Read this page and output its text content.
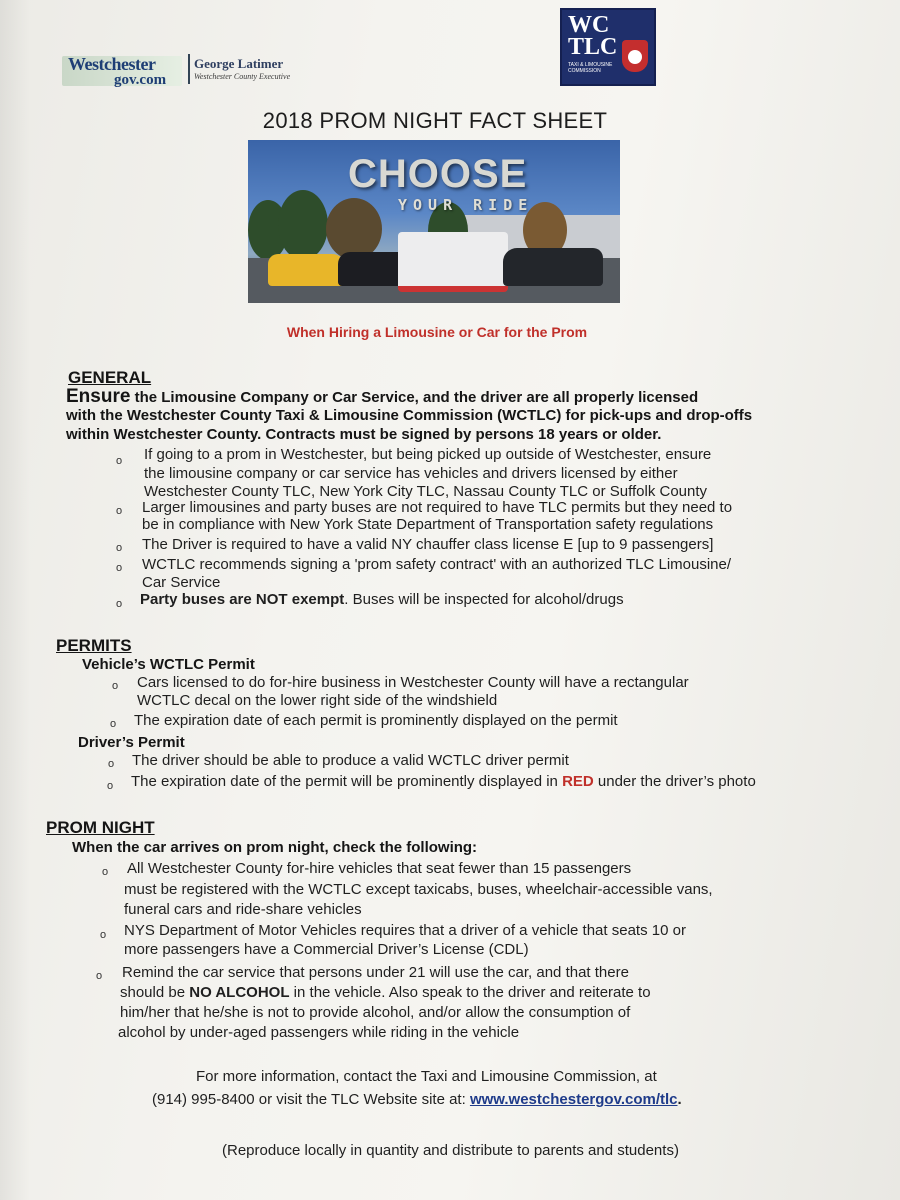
Westchester
gov.com
George Latimer
Westchester County Executive
WC
TLC
TAXI & LIMOUSINE COMMISSION
2018 PROM NIGHT FACT SHEET
CHOOSE
YOUR RIDE
When Hiring a Limousine or Car for the Prom
GENERAL
Ensure the Limousine Company or Car Service, and the driver are all properly licensed
with the Westchester County Taxi & Limousine Commission (WCTLC) for pick-ups and drop-offs
within Westchester County. Contracts must be signed by persons 18 years or older.
o If going to a prom in Westchester, but being picked up outside of Westchester, ensure
the limousine company or car service has vehicles and drivers licensed by either
Westchester County TLC, New York City TLC, Nassau County TLC or Suffolk County
o Larger limousines and party buses are not required to have TLC permits but they need to
be in compliance with New York State Department of Transportation safety regulations
o The Driver is required to have a valid NY chauffer class license E [up to 9 passengers]
o WCTLC recommends signing a 'prom safety contract' with an authorized TLC Limousine/
Car Service
o Party buses are NOT exempt. Buses will be inspected for alcohol/drugs
PERMITS
Vehicle’s WCTLC Permit
o Cars licensed to do for-hire business in Westchester County will have a rectangular
WCTLC decal on the lower right side of the windshield
o The expiration date of each permit is prominently displayed on the permit
Driver’s Permit
o The driver should be able to produce a valid WCTLC driver permit
o The expiration date of the permit will be prominently displayed in RED under the driver’s photo
PROM NIGHT
When the car arrives on prom night, check the following:
o All Westchester County for-hire vehicles that seat fewer than 15 passengers
must be registered with the WCTLC except taxicabs, buses, wheelchair-accessible vans,
funeral cars and ride-share vehicles
o NYS Department of Motor Vehicles requires that a driver of a vehicle that seats 10 or
more passengers have a Commercial Driver’s License (CDL)
o Remind the car service that persons under 21 will use the car, and that there
should be NO ALCOHOL in the vehicle. Also speak to the driver and reiterate to
him/her that he/she is not to provide alcohol, and/or allow the consumption of
alcohol by under-aged passengers while riding in the vehicle
For more information, contact the Taxi and Limousine Commission, at
(914) 995-8400 or visit the TLC Website site at: www.westchestergov.com/tlc.
(Reproduce locally in quantity and distribute to parents and students)
